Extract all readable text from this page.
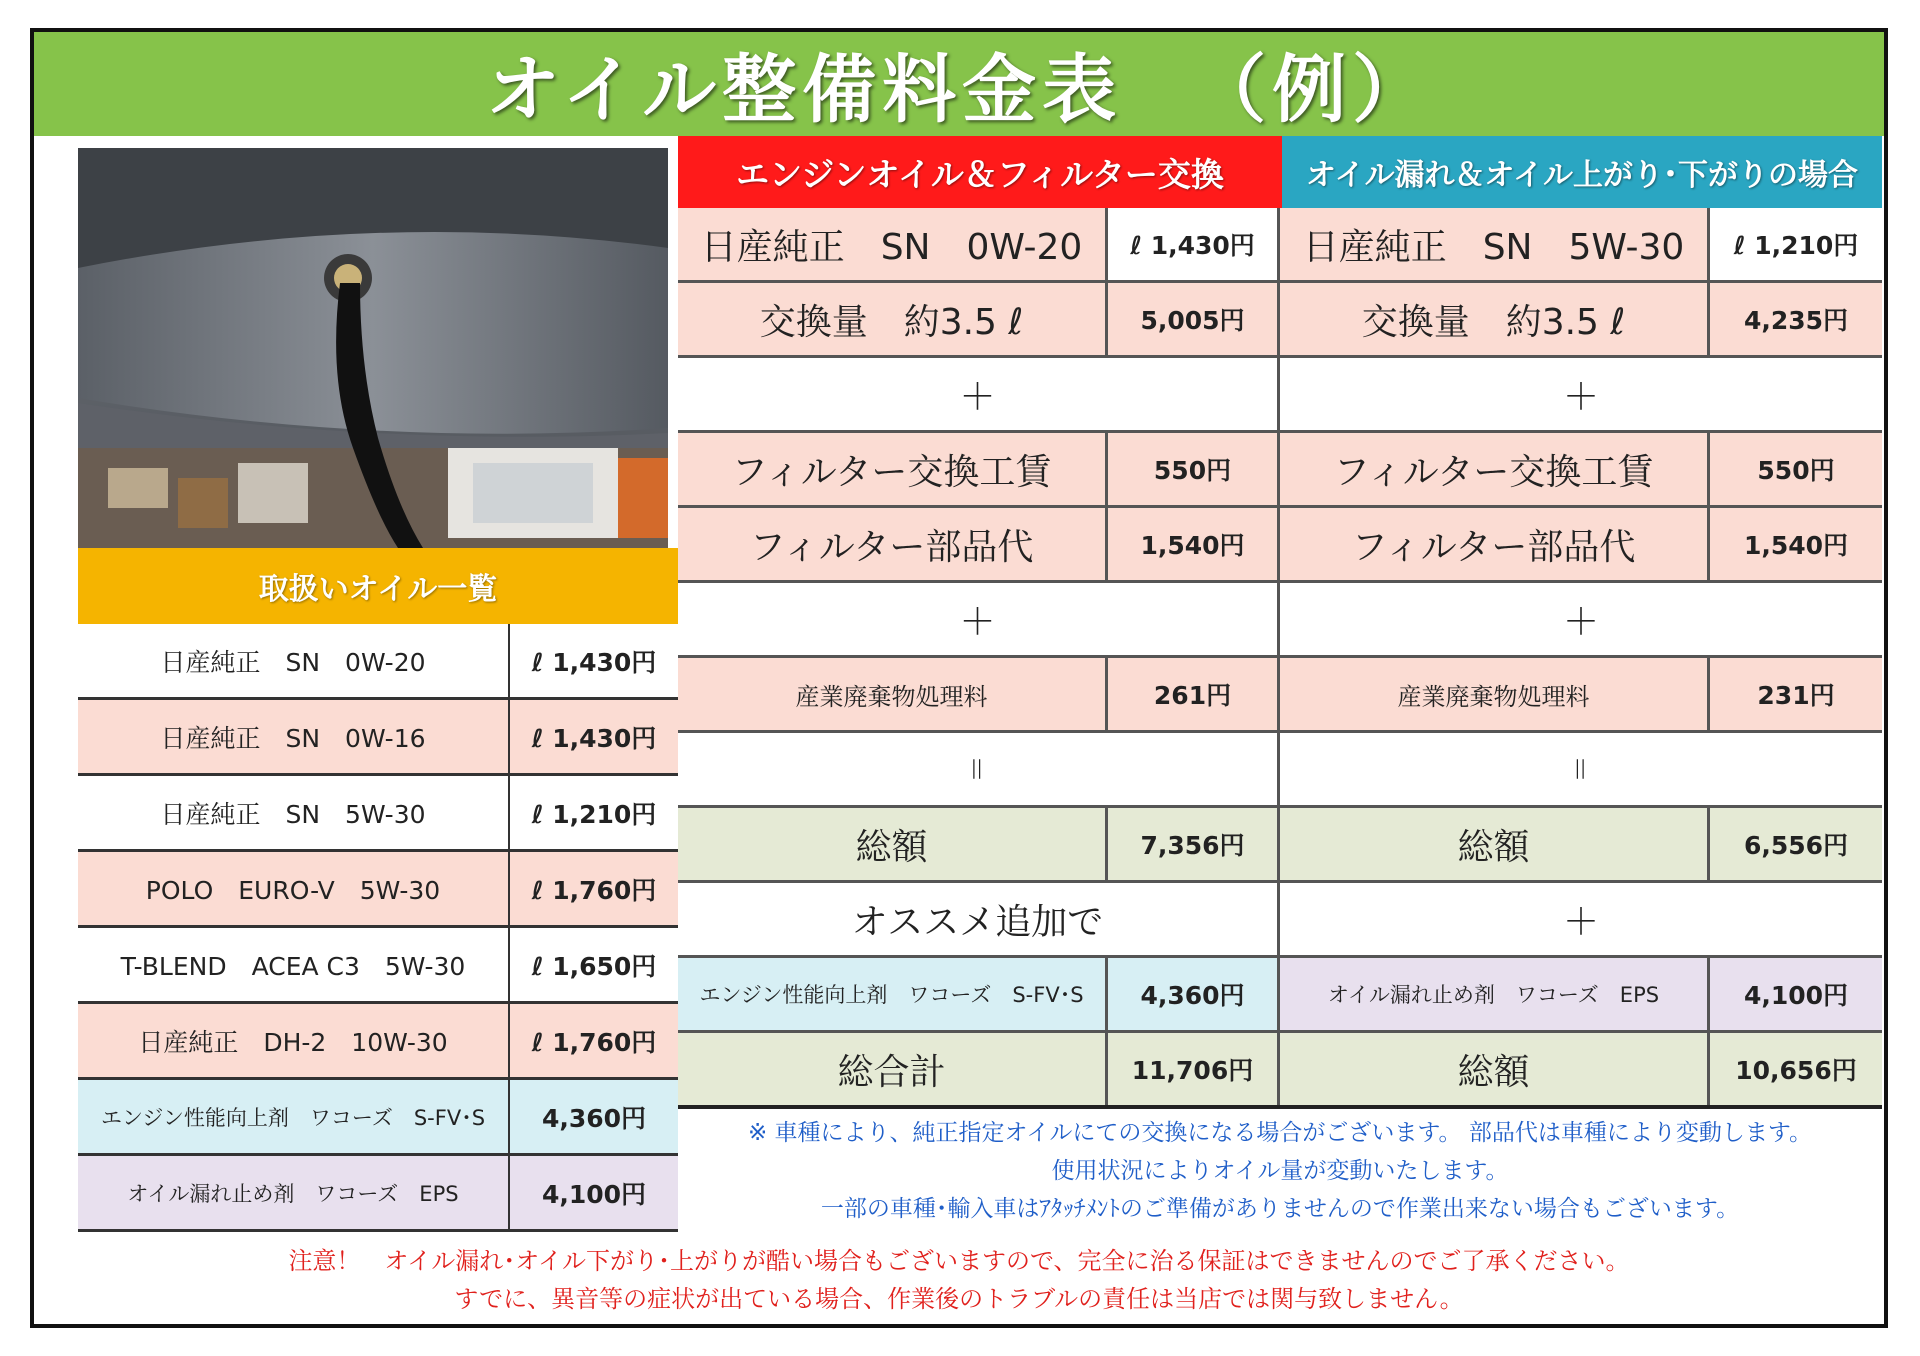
オイル整備料金表 （例）
取扱いオイル一覧
日産純正　SN　0W-20	ℓ 1,430円
日産純正　SN　0W-16	ℓ 1,430円
日産純正　SN　5W-30	ℓ 1,210円
POLO　EURO-V　5W-30	ℓ 1,760円
T-BLEND　ACEA C3　5W-30	ℓ 1,650円
日産純正　DH-2　10W-30	ℓ 1,760円
エンジン性能向上剤　ワコーズ　S-FV･S	4,360円
オイル漏れ止め剤　ワコーズ　EPS	4,100円
エンジンオイル＆フィルター交換	オイル漏れ＆オイル上がり･下がりの場合
日産純正　SN　0W-20	ℓ 1,430円	日産純正　SN　5W-30	ℓ 1,210円
交換量　約3.5 ℓ	5,005円	交換量　約3.5 ℓ	4,235円
＋	＋
フィルター交換工賃	550円	フィルター交換工賃	550円
フィルター部品代	1,540円	フィルター部品代	1,540円
＋	＋
産業廃棄物処理料	261円	産業廃棄物処理料	231円
＝	＝
総額	7,356円	総額	6,556円
オススメ追加で	＋
エンジン性能向上剤　ワコーズ　S-FV･S	4,360円	オイル漏れ止め剤　ワコーズ　EPS	4,100円
総合計	11,706円	総額	10,656円
※ 車種により、純正指定オイルにての交換になる場合がございます。 部品代は車種により変動します。
使用状況によりオイル量が変動いたします。
一部の車種･輸入車はｱﾀｯﾁﾒﾝﾄのご準備がありませんので作業出来ない場合もございます。
注意！　オイル漏れ･オイル下がり･上がりが酷い場合もございますので、完全に治る保証はできませんのでご了承ください。
すでに、異音等の症状が出ている場合、作業後のトラブルの責任は当店では関与致しません。
